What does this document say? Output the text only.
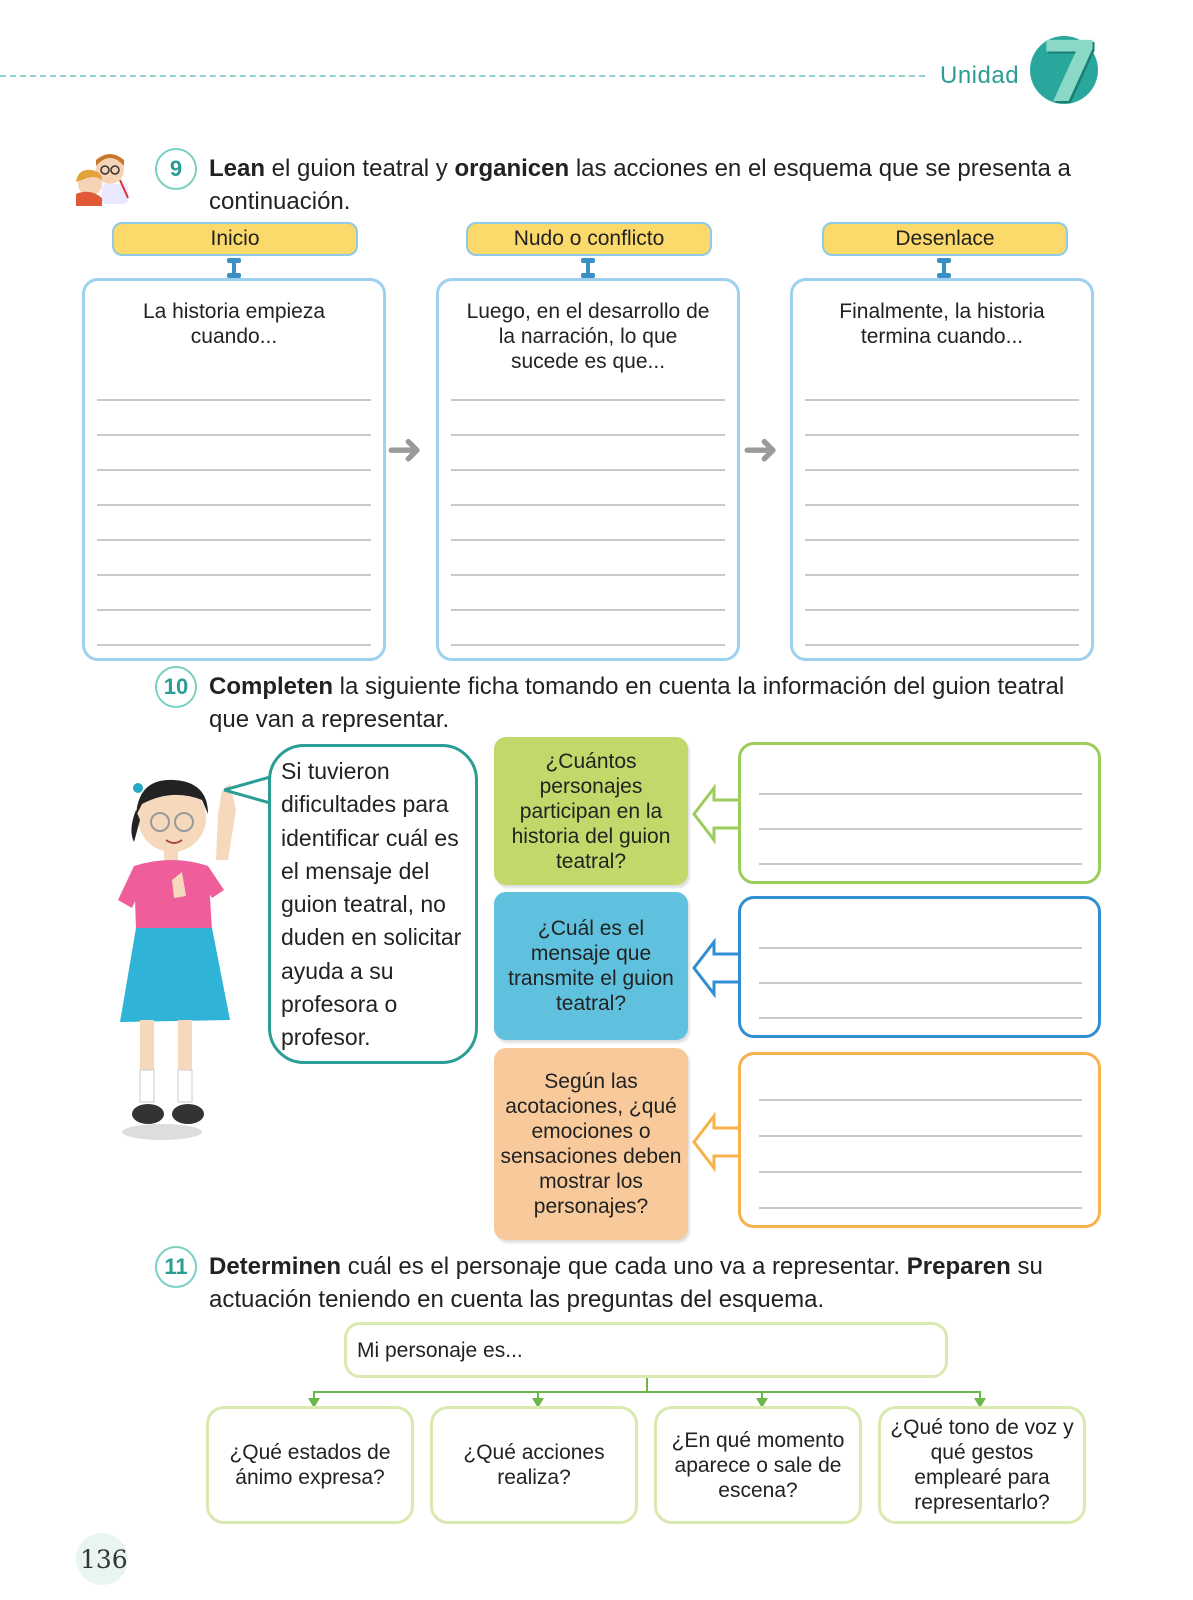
Unidad 7
9	Lean el guion teatral y organicen las acciones en el esquema que se presenta a continuación.
Inicio
La historia empieza cuando...
➜
Nudo o conflicto
Luego, en el desarrollo de la narración, lo que sucede es que...
➜
Desenlace
Finalmente, la historia termina cuando...
10 Completen la siguiente ficha tomando en cuenta la información del guion teatral que van a representar.
Si tuvieron dificultades para identificar cuál es el mensaje del guion teatral, no duden en solicitar ayuda a su profesora o profesor.
¿Cuántos personajes participan en la historia del guion teatral?
¿Cuál es el mensaje que transmite el guion teatral?
Según las acotaciones, ¿qué emociones o sensaciones deben mostrar los personajes?
11 Determinen cuál es el personaje que cada uno va a representar. Preparen su actuación teniendo en cuenta las preguntas del esquema.
Mi personaje es...
¿Qué estados de ánimo expresa?
¿Qué acciones realiza?
¿En qué momento aparece o sale de escena?
¿Qué tono de voz y qué gestos emplearé para representarlo?
136
